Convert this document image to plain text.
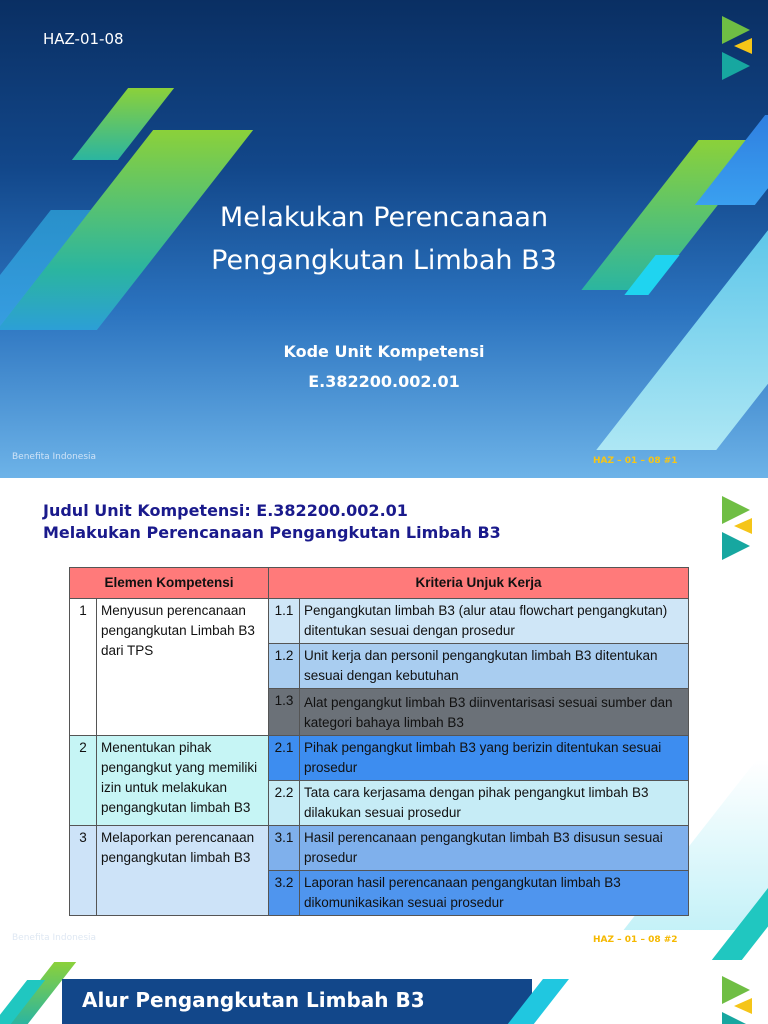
HAZ-01-08
Melakukan Perencanaan
Pengangkutan Limbah B3
Kode Unit Kompetensi
E.382200.002.01
Benefita Indonesia	HAZ – 01 – 08 #1
Judul Unit Kompetensi: E.382200.002.01
Melakukan Perencanaan Pengangkutan Limbah B3
Elemen Kompetensi		Kriteria Unjuk Kerja	
1	Menyusun perencanaan pengangkutan Limbah B3 dari TPS	1.1	Pengangkutan limbah B3 (alur atau flowchart pengangkutan) ditentukan sesuai dengan prosedur
		1.2	Unit kerja dan personil pengangkutan limbah B3 ditentukan sesuai dengan kebutuhan
		1.3	Alat pengangkut limbah B3 diinventarisasi sesuai sumber dan kategori bahaya limbah B3
2	Menentukan pihak pengangkut yang memiliki izin untuk melakukan pengangkutan limbah B3	2.1	Pihak pengangkut limbah B3 yang berizin ditentukan sesuai prosedur
		2.2	Tata cara kerjasama dengan pihak pengangkut limbah B3 dilakukan sesuai prosedur
3	Melaporkan perencanaan pengangkutan limbah B3	3.1	Hasil perencanaan pengangkutan limbah B3 disusun sesuai prosedur
		3.2	Laporan hasil perencanaan pengangkutan limbah B3 dikomunikasikan sesuai prosedur
Benefita Indonesia	HAZ – 01 – 08 #2
Alur Pengangkutan Limbah B3
